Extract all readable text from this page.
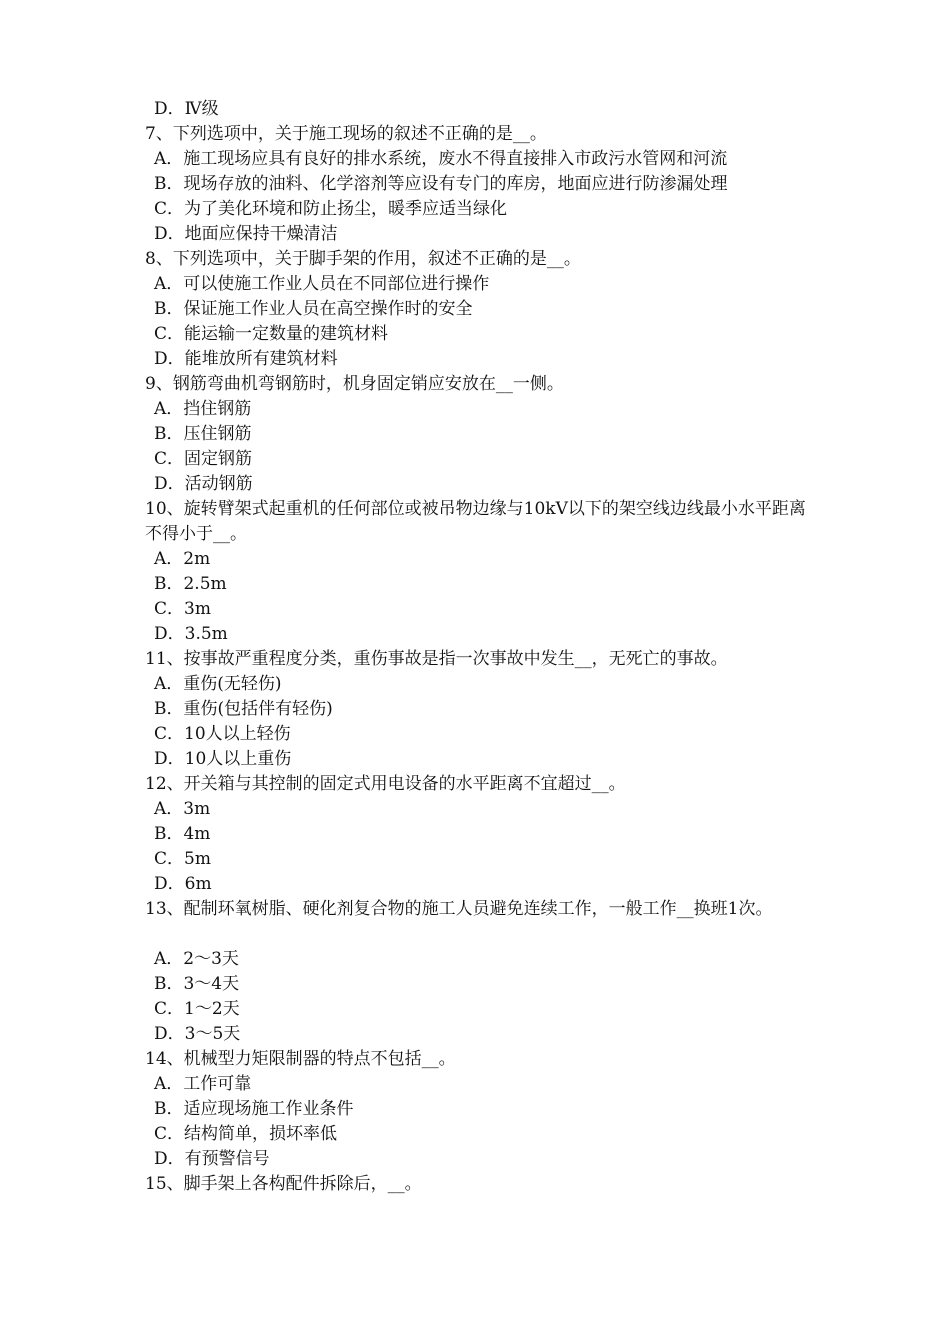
D．Ⅳ级
7、下列选项中，关于施工现场的叙述不正确的是__。
A．施工现场应具有良好的排水系统，废水不得直接排入市政污水管网和河流
B．现场存放的油料、化学溶剂等应设有专门的库房，地面应进行防渗漏处理
C．为了美化环境和防止扬尘，暖季应适当绿化
D．地面应保持干燥清洁
8、下列选项中，关于脚手架的作用，叙述不正确的是__。
A．可以使施工作业人员在不同部位进行操作
B．保证施工作业人员在高空操作时的安全
C．能运输一定数量的建筑材料
D．能堆放所有建筑材料
9、钢筋弯曲机弯钢筋时，机身固定销应安放在__一侧。
A．挡住钢筋
B．压住钢筋
C．固定钢筋
D．活动钢筋
10、旋转臂架式起重机的任何部位或被吊物边缘与10kV以下的架空线边线最小水平距离不得小于__。
A．2m
B．2.5m
C．3m
D．3.5m
11、按事故严重程度分类，重伤事故是指一次事故中发生__，无死亡的事故。
A．重伤(无轻伤)
B．重伤(包括伴有轻伤)
C．10人以上轻伤
D．10人以上重伤
12、开关箱与其控制的固定式用电设备的水平距离不宜超过__。
A．3m
B．4m
C．5m
D．6m
13、配制环氧树脂、硬化剂复合物的施工人员避免连续工作，一般工作__换班1次。
A．2～3天
B．3～4天
C．1～2天
D．3～5天
14、机械型力矩限制器的特点不包括__。
A．工作可靠
B．适应现场施工作业条件
C．结构简单，损坏率低
D．有预警信号
15、脚手架上各构配件拆除后，__。
